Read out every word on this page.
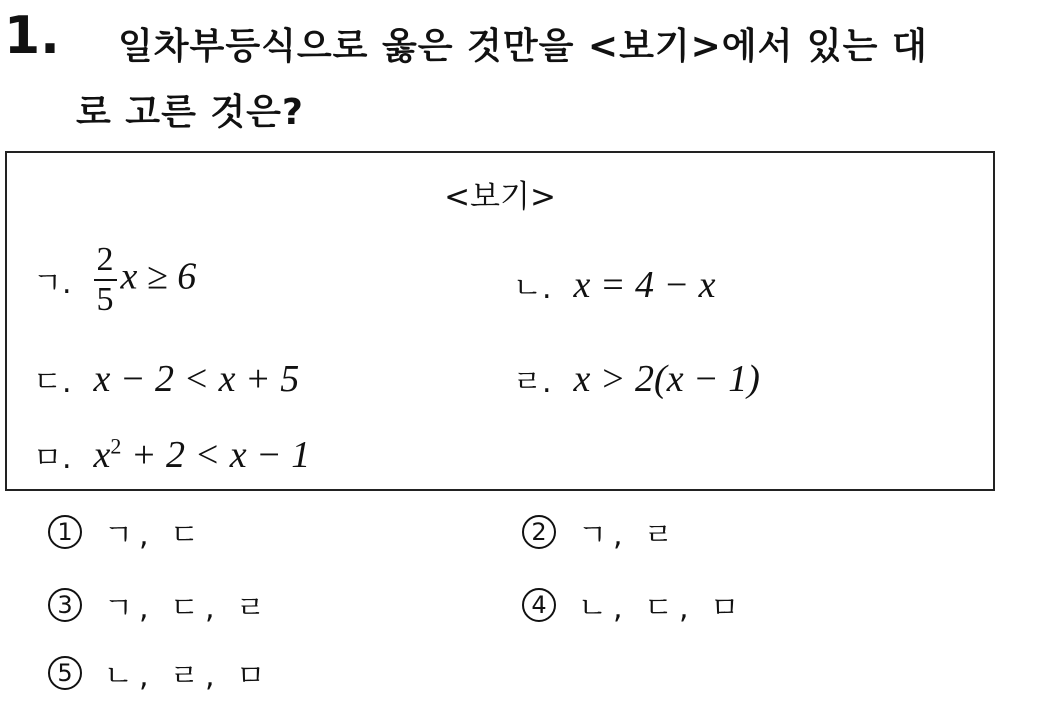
1. 일차부등식으로 옳은 것만을 <보기>에서 있는 대
로 고른 것은?
<보기>
ㄱ. $\frac{2}{5}$ x ≥ 6	ㄴ. x = 4 − x
ㄷ. x − 2 < x + 5	ㄹ. x > 2(x − 1)
ㅁ. $x^2 + 2 < x - 1$
1	ㄱ, ㄷ	2	ㄱ, ㄹ
3	ㄱ, ㄷ, ㄹ	4	ㄴ, ㄷ, ㅁ
5	ㄴ, ㄹ, ㅁ
